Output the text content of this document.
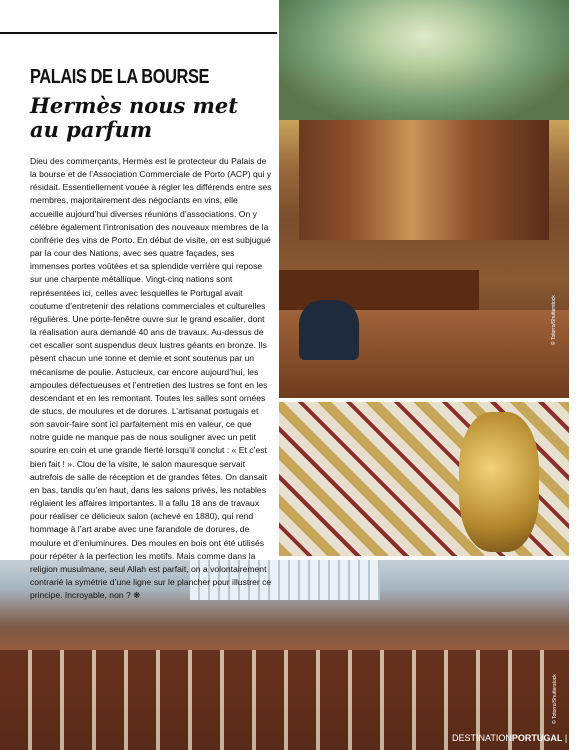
© Totorro/Shutterstock
© Totorro/Shutterstock
PALAIS DE LA BOURSE
Hermès nous met au parfum

Dieu des commerçants, Hermès est le protecteur du Palais de la bourse et de l’Association Commerciale de Porto (ACP) qui y résidait. Essentiellement vouée à régler les différends entre ses membres, majoritairement des négociants en vins, elle accueille aujourd’hui diverses réunions d’associations. On y célèbre également l’intronisation des nouveaux membres de la confrérie des vins de Porto. En début de visite, on est subjugué par la cour des Nations, avec ses quatre façades, ses immenses portes voûtées et sa splendide verrière qui repose sur une charpente métallique. Vingt-cinq nations sont représentées ici, celles avec lesquelles le Portugal avait coutume d’entretenir des relations commerciales et culturelles régulières. Une porte-fenêtre ouvre sur le grand escalier, dont la réalisation aura demandé 40 ans de travaux. Au-dessus de cet escalier sont suspendus deux lustres géants en bronze. Ils pèsent chacun une tonne et demie et sont soutenus par un mécanisme de poulie. Astucieux, car encore aujourd’hui, les ampoules défectueuses et l’entretien des lustres se font en les descendant et en les remontant. Toutes les salles sont ornées de stucs, de moulures et de dorures. L’artisanat portugais et son savoir-faire sont ici parfaitement mis en valeur, ce que notre guide ne manque pas de nous souligner avec un petit sourire en coin et une grande fierté lorsqu’il conclut : « Et c’est bien fait ! ». Clou de la visite, le salon mauresque servait autrefois de salle de réception et de grandes fêtes. On dansait en bas, tandis qu’en haut, dans les salons privés, les notables réglaient les affaires importantes. Il a fallu 18 ans de travaux pour réaliser ce délicieux salon (achevé en 1880), qui rend hommage à l’art arabe avec une farandole de dorures, de moulure et d’enluminures. Des moules en bois ont été utilisés pour répéter à la perfection les motifs. Mais comme dans la religion musulmane, seul Allah est parfait, on a volontairement contrarié la symétrie d’une ligne sur le plancher pour illustrer ce principe. Incroyable, non ? ❋

DESTINATIONPORTUGAL | 21
